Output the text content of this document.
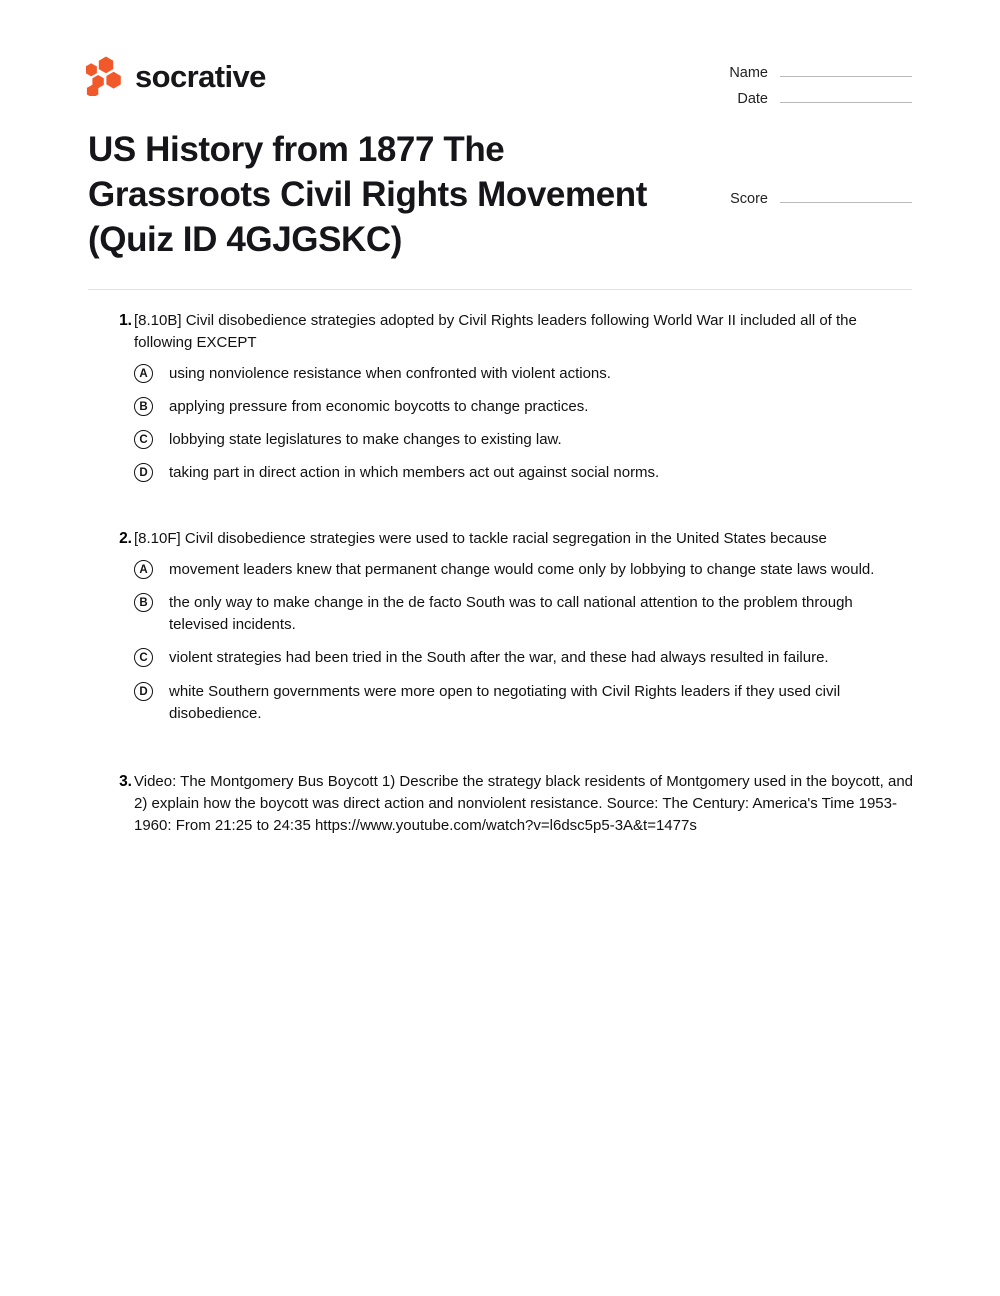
socrative	Name
Date
Score
US History from 1877 The Grassroots Civil Rights Movement (Quiz ID 4GJGSKC)
1. [8.10B] Civil disobedience strategies adopted by Civil Rights leaders following World War II included all of the following EXCEPT

A	using nonviolence resistance when confronted with violent actions.
B	applying pressure from economic boycotts to change practices.
C	lobbying state legislatures to make changes to existing law.
D	taking part in direct action in which members act out against social norms.
2. [8.10F] Civil disobedience strategies were used to tackle racial segregation in the United States because

A	movement leaders knew that permanent change would come only by lobbying to change state laws would.
B	the only way to make change in the de facto South was to call national attention to the problem through televised incidents.
C	violent strategies had been tried in the South after the war, and these had always resulted in failure.
D	white Southern governments were more open to negotiating with Civil Rights leaders if they used civil disobedience.
3. Video: The Montgomery Bus Boycott 1) Describe the strategy black residents of Montgomery used in the boycott, and 2) explain how the boycott was direct action and nonviolent resistance. Source: The Century: America's Time 1953-1960: From 21:25 to 24:35 https://www.youtube.com/watch?v=l6dsc5p5-3A&t=1477s
